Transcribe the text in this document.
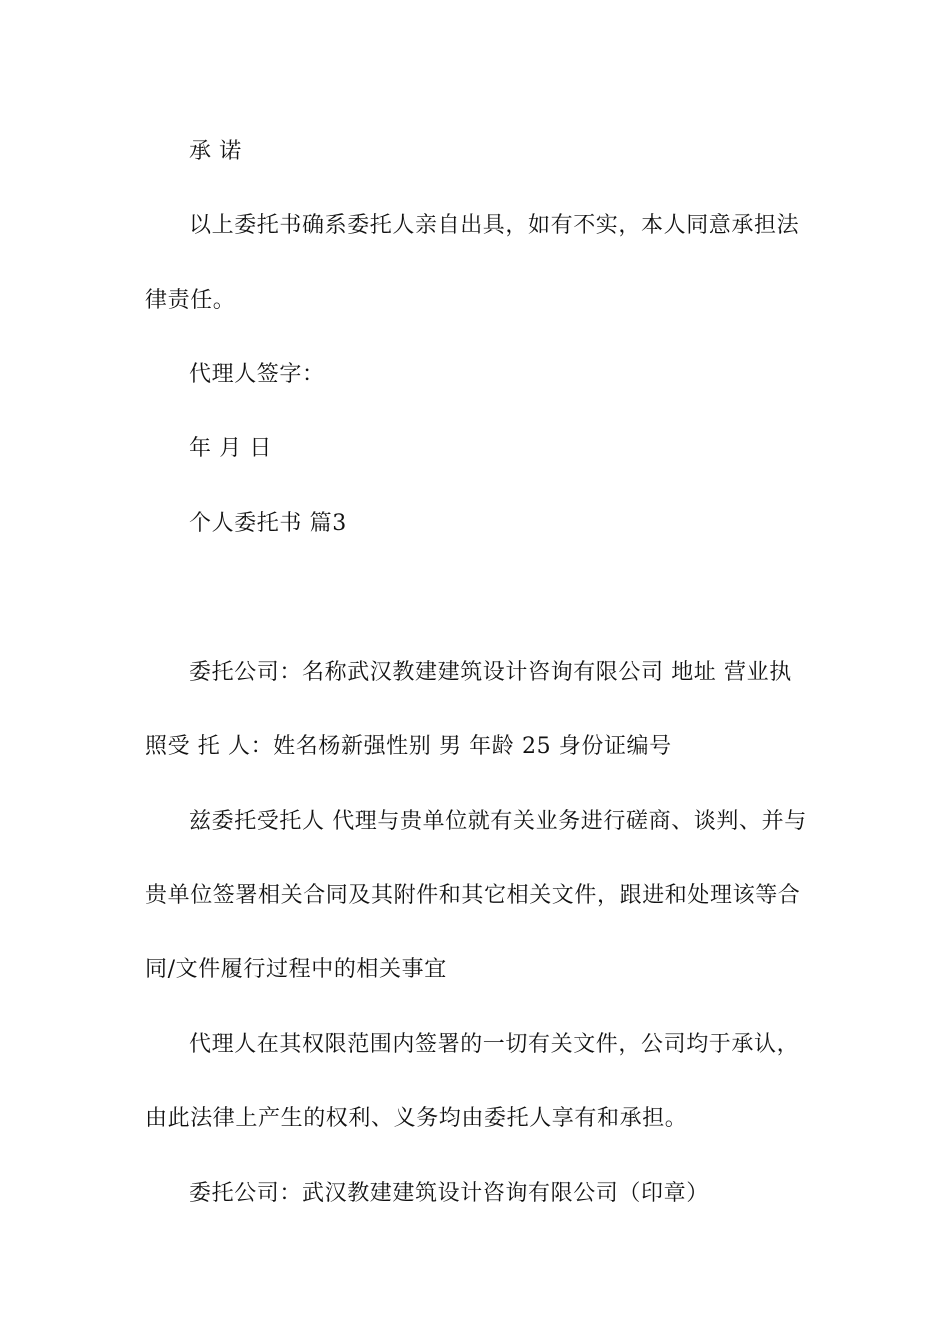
承 诺
以上委托书确系委托人亲自出具，如有不实，本人同意承担法
律责任。
代理人签字：
年 月 日
个人委托书 篇3
委托公司：名称武汉教建建筑设计咨询有限公司 地址 营业执
照受 托 人：姓名杨新强性别 男 年龄 25 身份证编号
兹委托受托人 代理与贵单位就有关业务进行磋商、谈判、并与
贵单位签署相关合同及其附件和其它相关文件，跟进和处理该等合
同/文件履行过程中的相关事宜
代理人在其权限范围内签署的一切有关文件，公司均于承认，
由此法律上产生的权利、义务均由委托人享有和承担。
委托公司：武汉教建建筑设计咨询有限公司（印章）
